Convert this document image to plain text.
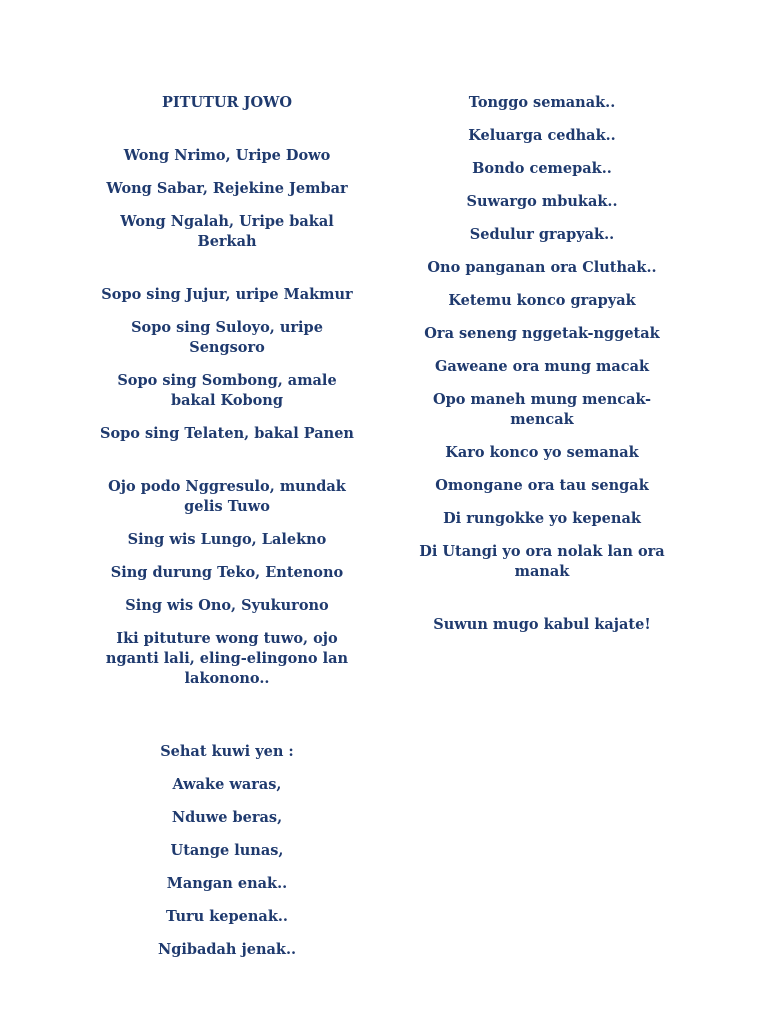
PITUTUR JOWO
Wong Nrimo, Uripe Dowo
Wong Sabar, Rejekine Jembar
Wong Ngalah, Uripe bakal Berkah
Sopo sing Jujur, uripe Makmur
Sopo sing Suloyo, uripe Sengsoro
Sopo sing Sombong, amale bakal Kobong
Sopo sing Telaten, bakal Panen
Ojo podo Nggresulo, mundak gelis Tuwo
Sing wis Lungo, Lalekno
Sing durung Teko, Entenono
Sing wis Ono, Syukurono
Iki pituture wong tuwo, ojo nganti lali, eling-elingono lan lakonono..
Sehat kuwi yen :
Awake waras,
Nduwe beras,
Utange lunas,
Mangan enak..
Turu kepenak..
Ngibadah jenak..
Tonggo semanak..
Keluarga cedhak..
Bondo cemepak..
Suwargo mbukak..
Sedulur grapyak..
Ono panganan ora Cluthak..
Ketemu konco grapyak
Ora seneng nggetak-nggetak
Gaweane ora mung macak
Opo maneh mung mencak-mencak
Karo konco yo semanak
Omongane ora tau sengak
Di rungokke yo kepenak
Di Utangi yo ora nolak lan ora manak
Suwun mugo kabul kajate!
